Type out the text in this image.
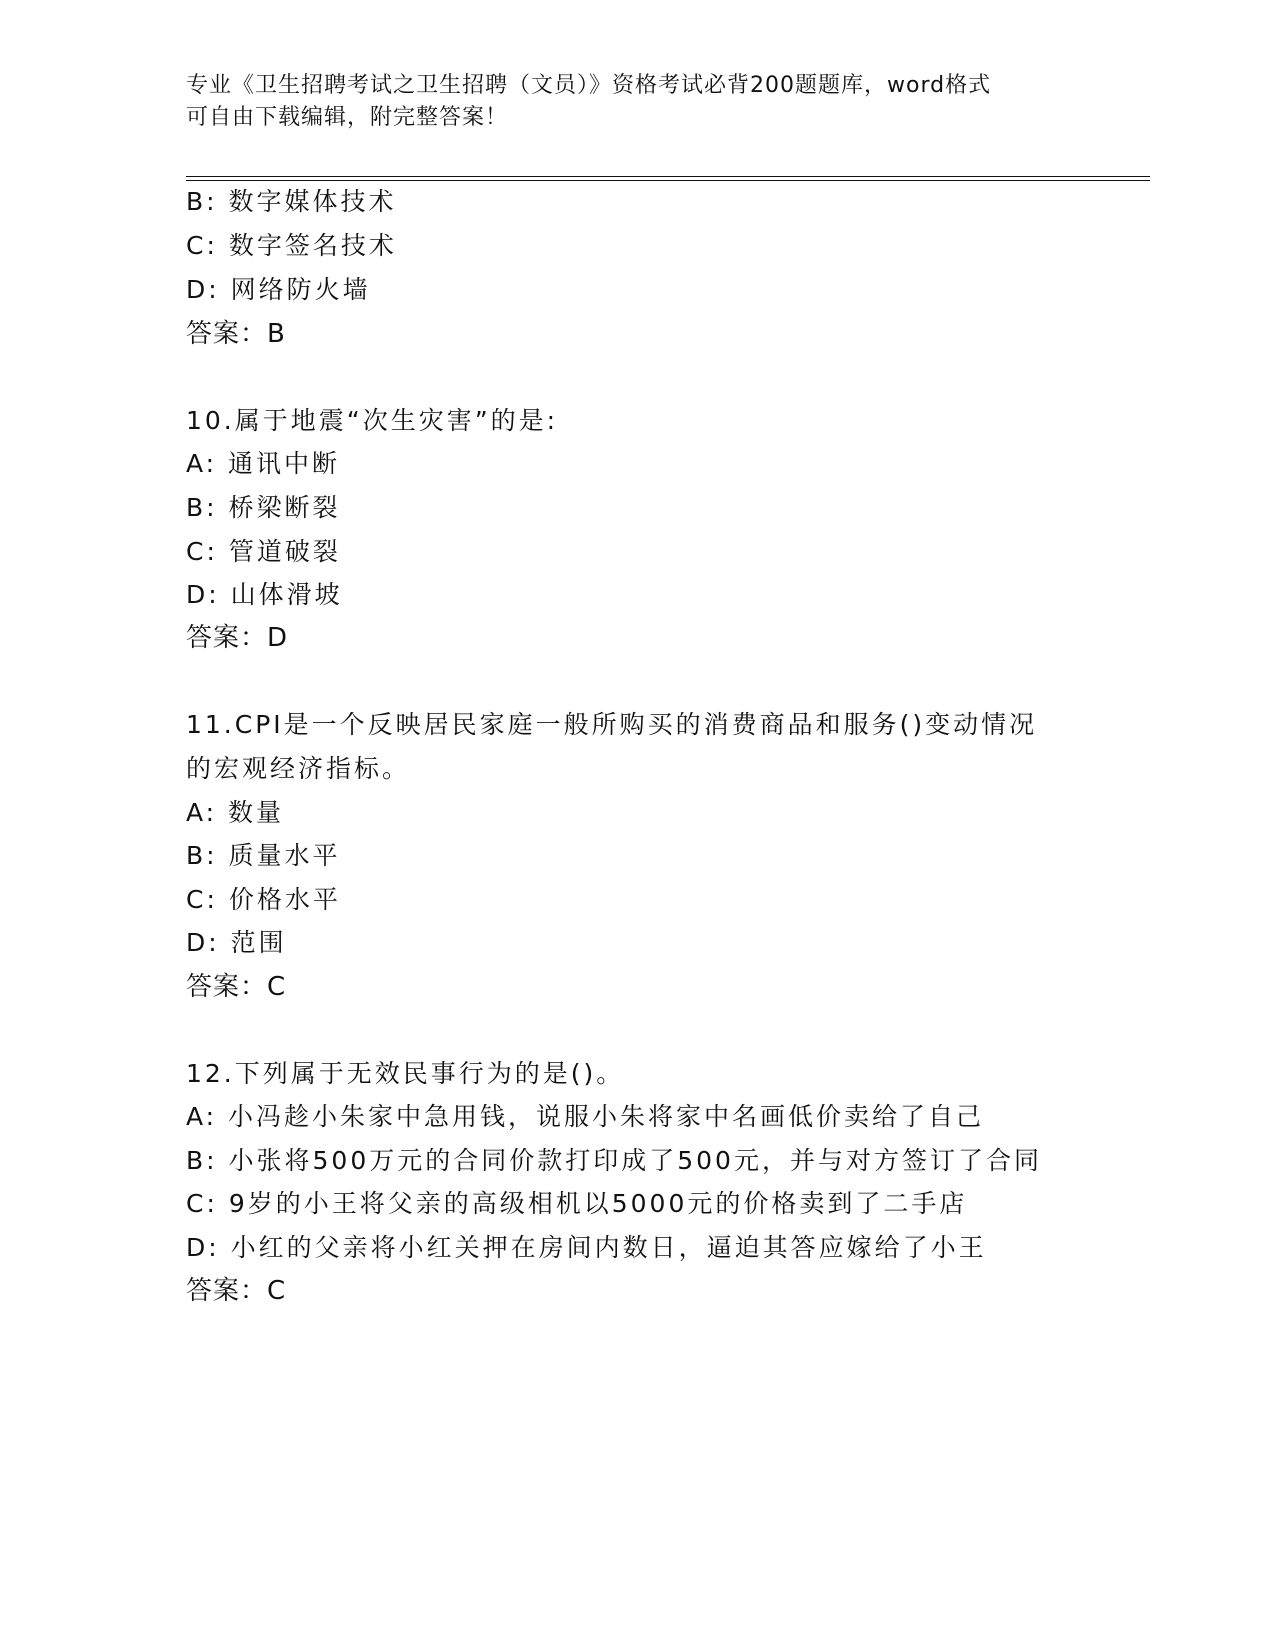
专业《卫生招聘考试之卫生招聘（文员）》资格考试必背200题题库，word格式
可自由下载编辑，附完整答案！
B: 数字媒体技术
C: 数字签名技术
D: 网络防火墙
答案：B
10.属于地震“次生灾害”的是:
A: 通讯中断
B: 桥梁断裂
C: 管道破裂
D: 山体滑坡
答案：D
11.CPI是一个反映居民家庭一般所购买的消费商品和服务()变动情况
的宏观经济指标。
A: 数量
B: 质量水平
C: 价格水平
D: 范围
答案：C
12.下列属于无效民事行为的是()。
A: 小冯趁小朱家中急用钱，说服小朱将家中名画低价卖给了自己
B: 小张将500万元的合同价款打印成了500元，并与对方签订了合同
C: 9岁的小王将父亲的高级相机以5000元的价格卖到了二手店
D: 小红的父亲将小红关押在房间内数日，逼迫其答应嫁给了小王
答案：C
